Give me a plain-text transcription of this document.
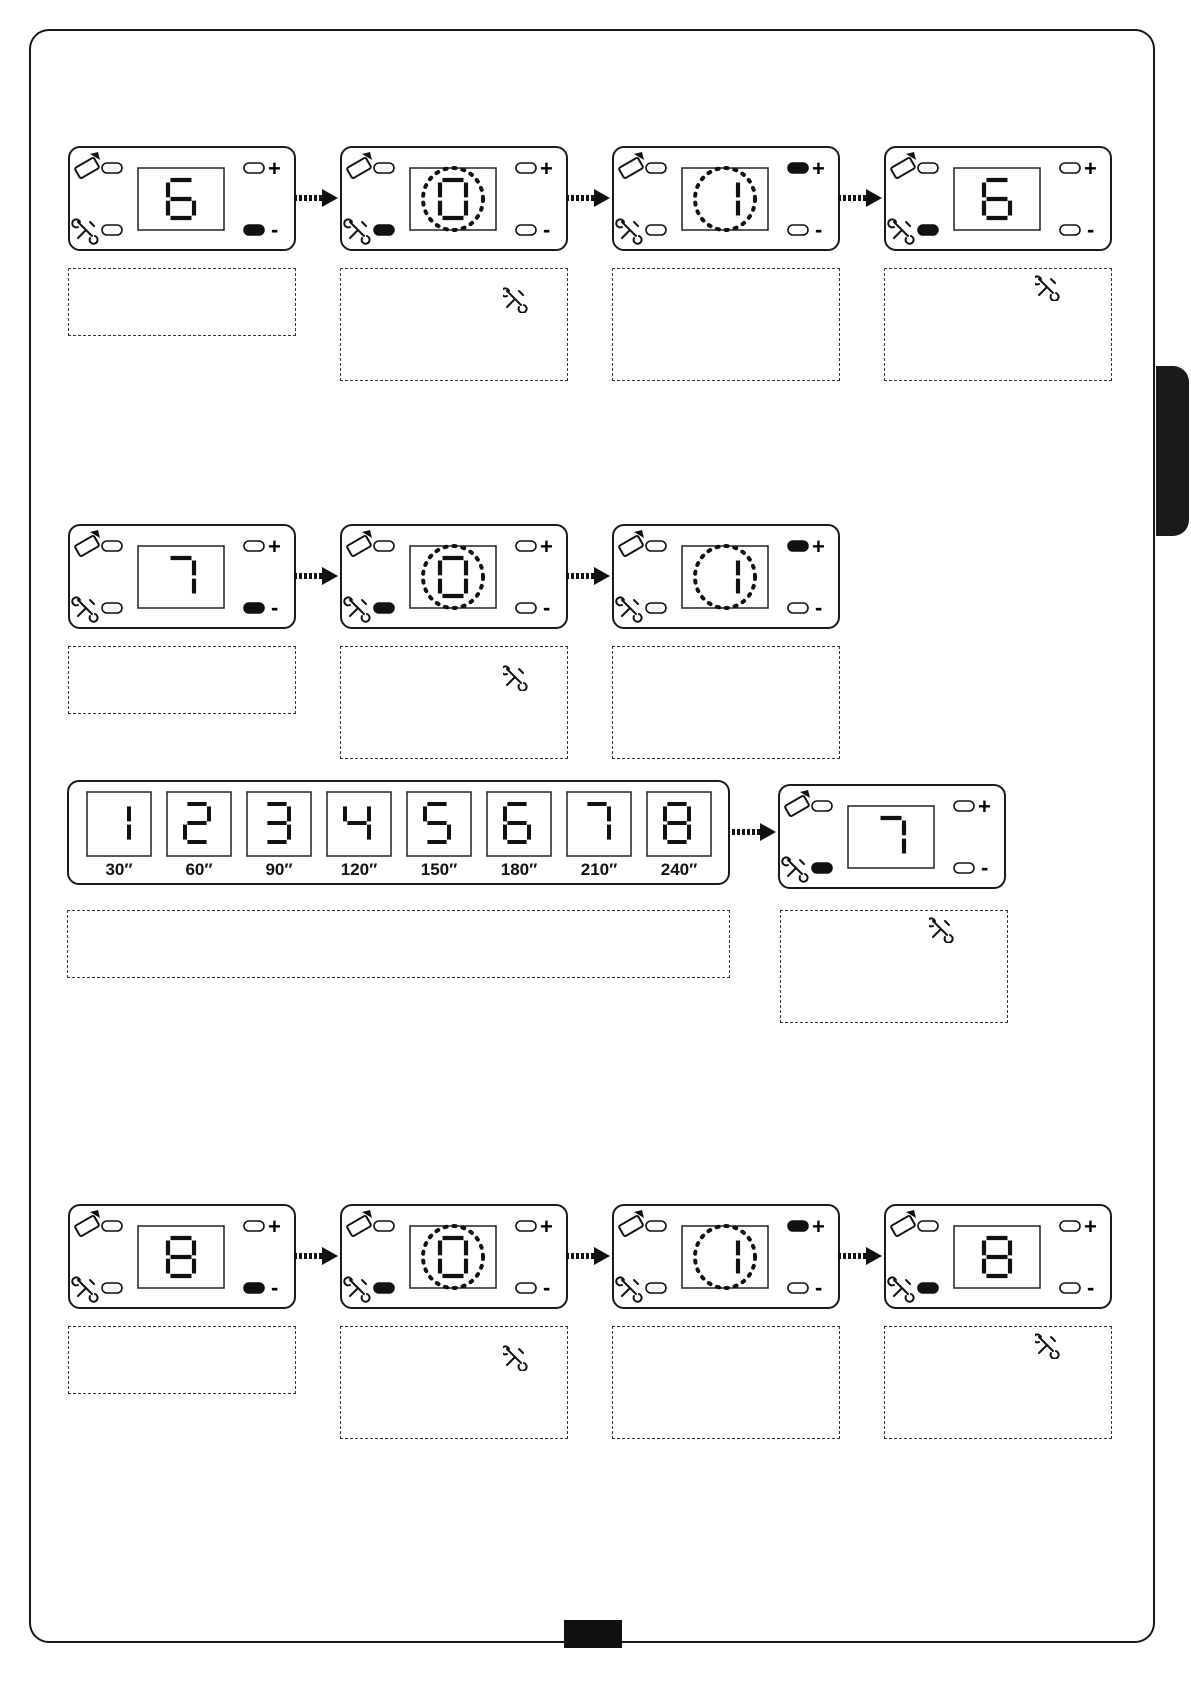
+
-
+
-
+
-
+
-
+
-
+
-
+
-
+
-
+
-
+
-
+
-
+
-
30″	60″	90″	120″	150″	180″	210″	240″
